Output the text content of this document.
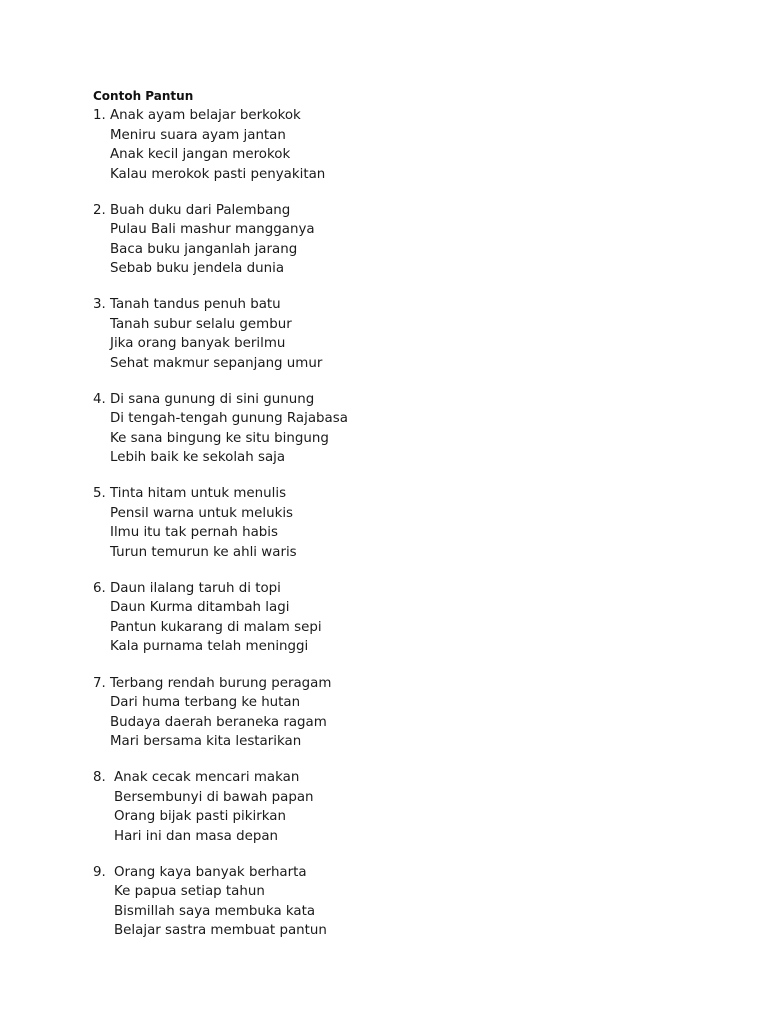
Contoh Pantun
1. Anak ayam belajar berkokok
Meniru suara ayam jantan
Anak kecil jangan merokok
Kalau merokok pasti penyakitan
2. Buah duku dari Palembang
Pulau Bali mashur mangganya
Baca buku janganlah jarang
Sebab buku jendela dunia
3. Tanah tandus penuh batu
Tanah subur selalu gembur
Jika orang banyak berilmu
Sehat makmur sepanjang umur
4. Di sana gunung di sini gunung
Di tengah-tengah gunung Rajabasa
Ke sana bingung ke situ bingung
Lebih baik ke sekolah saja
5. Tinta hitam untuk menulis
Pensil warna untuk melukis
Ilmu itu tak pernah habis
Turun temurun ke ahli waris
6. Daun ilalang taruh di topi
Daun Kurma ditambah lagi
Pantun kukarang di malam sepi
Kala purnama telah meninggi
7. Terbang rendah burung peragam
Dari huma terbang ke hutan
Budaya daerah beraneka ragam
Mari bersama kita lestarikan
8. Anak cecak mencari makan
Bersembunyi di bawah papan
Orang bijak pasti pikirkan
Hari ini dan masa depan
9. Orang kaya banyak berharta
Ke papua setiap tahun
Bismillah saya membuka kata
Belajar sastra membuat pantun
